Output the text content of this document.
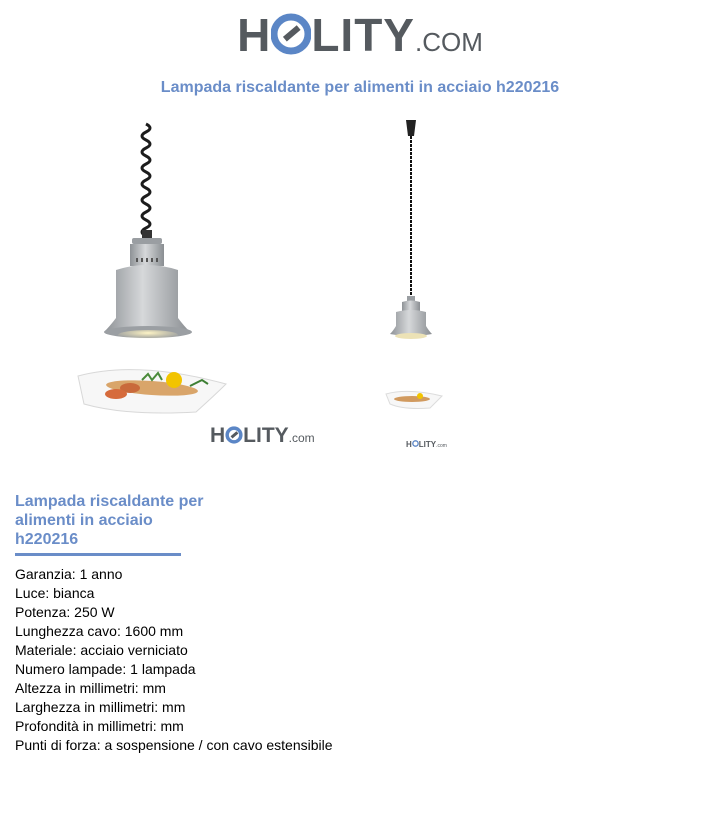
H LITY.COM
Lampada riscaldante per alimenti in acciaio h220216
H LITY.com	H LITY.com
Lampada riscaldante per alimenti in acciaio h220216
Garanzia: 1 anno
Luce: bianca
Potenza: 250 W
Lunghezza cavo: 1600 mm
Materiale: acciaio verniciato
Numero lampade: 1 lampada
Altezza in millimetri: mm
Larghezza in millimetri: mm
Profondità in millimetri: mm
Punti di forza: a sospensione / con cavo estensibile
